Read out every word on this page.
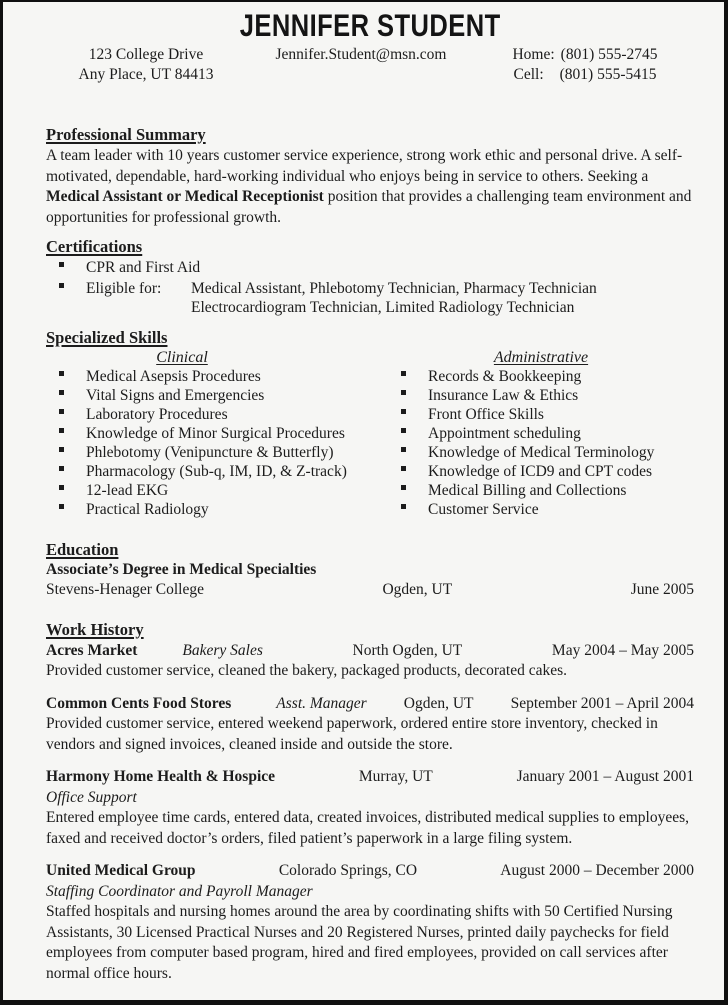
JENNIFER STUDENT
123 College Drive
Any Place, UT 84413
Jennifer.Student@msn.com	Home: (801) 555-2745
Cell: (801) 555-5415
Professional Summary

A team leader with 10 years customer service experience, strong work ethic and personal drive. A self-motivated, dependable, hard-working individual who enjoys being in service to others. Seeking a Medical Assistant or Medical Receptionist position that provides a challenging team environment and opportunities for professional growth.

Certifications
CPR and First Aid
Eligible for:	Medical Assistant, Phlebotomy Technician, Pharmacy Technician
Electrocardiogram Technician, Limited Radiology Technician
Specialized Skills
Clinical
Medical Asepsis Procedures
Vital Signs and Emergencies
Laboratory Procedures
Knowledge of Minor Surgical Procedures
Phlebotomy (Venipuncture & Butterfly)
Pharmacology (Sub-q, IM, ID, & Z-track)
12-lead EKG
Practical Radiology
Administrative
Records & Bookkeeping
Insurance Law & Ethics
Front Office Skills
Appointment scheduling
Knowledge of Medical Terminology
Knowledge of ICD9 and CPT codes
Medical Billing and Collections
Customer Service
Education
Associate’s Degree in Medical Specialties
Stevens-Henager College	Ogden, UT	June 2005
Work History
Acres Market	Bakery Sales	North Ogden, UT	May 2004 – May 2005
Provided customer service, cleaned the bakery, packaged products, decorated cakes.
Common Cents Food Stores	Asst. Manager	Ogden, UT	September 2001 – April 2004
Provided customer service, entered weekend paperwork, ordered entire store inventory, checked in vendors and signed invoices, cleaned inside and outside the store.
Harmony Home Health & Hospice	Murray, UT	January 2001 – August 2001
Office Support
Entered employee time cards, entered data, created invoices, distributed medical supplies to employees, faxed and received doctor’s orders, filed patient’s paperwork in a large filing system.
United Medical Group	Colorado Springs, CO	August 2000 – December 2000
Staffing Coordinator and Payroll Manager
Staffed hospitals and nursing homes around the area by coordinating shifts with 50 Certified Nursing Assistants, 30 Licensed Practical Nurses and 20 Registered Nurses, printed daily paychecks for field employees from computer based program, hired and fired employees, provided on call services after normal office hours.
